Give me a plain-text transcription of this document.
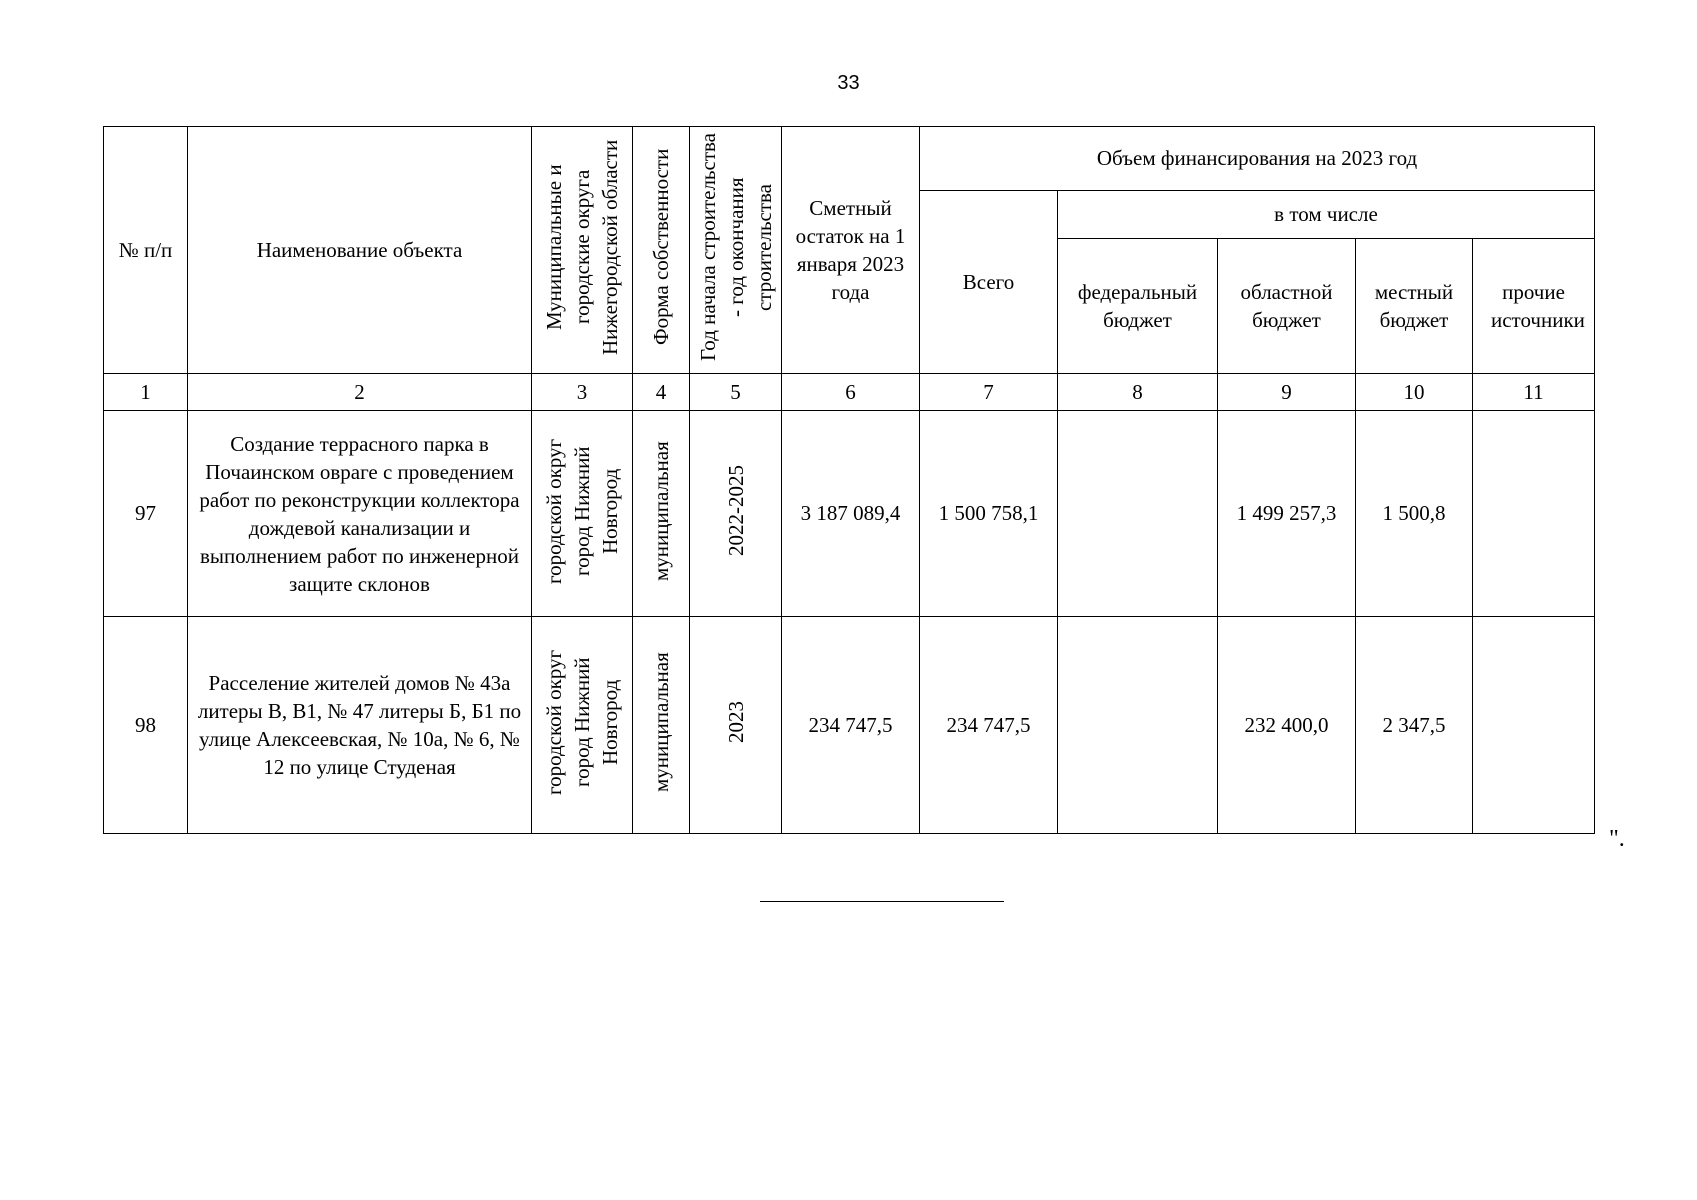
33
№ п/п	Наименование объекта	Муниципальные и городские округа Нижегородской области	Форма собственности	Год начала строительства - год окончания строительства	Сметный остаток на 1 января 2023 года	Объем финансирования на 2023 год				
						Всего	в том числе			
							федеральный бюджет	областной бюджет	местный бюджет	прочие источники
1	2	3	4	5	6	7	8	9	10	11
97	Создание террасного парка в Почаинском овраге с проведением работ по реконструкции коллектора дождевой канализации и выполнением работ по инженерной защите склонов	городской округ город Нижний Новгород	муниципальная	2022-2025	3 187 089,4	1 500 758,1		1 499 257,3	1 500,8	
98	Расселение жителей домов № 43а литеры В, В1, № 47 литеры Б, Б1 по улице Алексеевская, № 10а, № 6, № 12 по улице Студеная	городской округ город Нижний Новгород	муниципальная	2023	234 747,5	234 747,5		232 400,0	2 347,5	
".
